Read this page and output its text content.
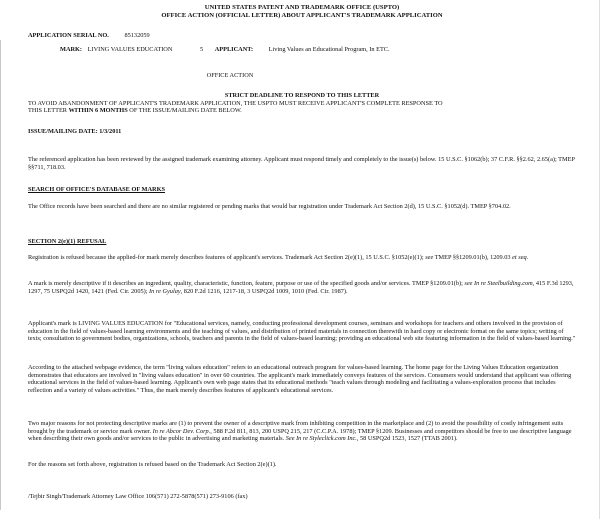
UNITED STATES PATENT AND TRADEMARK OFFICE (USPTO)
OFFICE ACTION (OFFICIAL LETTER) ABOUT APPLICANT'S TRADEMARK APPLICATION
APPLICATION SERIAL NO. 85132059
MARK: LIVING VALUES EDUCATION	5 APPLICANT: Living Values an Educational Program, In ETC.
OFFICE ACTION
STRICT DEADLINE TO RESPOND TO THIS LETTER
TO AVOID ABANDONMENT OF APPLICANT'S TRADEMARK APPLICATION, THE USPTO MUST RECEIVE APPLICANT'S COMPLETE RESPONSE TO
THIS LETTER WITHIN 6 MONTHS OF THE ISSUE/MAILING DATE BELOW.
ISSUE/MAILING DATE: 1/3/2011

The referenced application has been reviewed by the assigned trademark examining attorney. Applicant must respond timely and completely to the issue(s) below. 15 U.S.C. §1062(b); 37 C.F.R. §§2.62, 2.65(a); TMEP §§711, 718.03.

SEARCH OF OFFICE'S DATABASE OF MARKS

The Office records have been searched and there are no similar registered or pending marks that would bar registration under Trademark Act Section 2(d), 15 U.S.C. §1052(d). TMEP §704.02.

SECTION 2(e)(1) REFUSAL

Registration is refused because the applied-for mark merely describes features of applicant's services. Trademark Act Section 2(e)(1), 15 U.S.C. §1052(e)(1); see TMEP §§1209.01(b), 1209.03 et seq.

A mark is merely descriptive if it describes an ingredient, quality, characteristic, function, feature, purpose or use of the specified goods and/or services. TMEP §1209.01(b); see In re Steelbuilding.com, 415 F.3d 1293, 1297, 75 USPQ2d 1420, 1421 (Fed. Cir. 2005); In re Gyulay, 820 F.2d 1216, 1217-18, 3 USPQ2d 1009, 1010 (Fed. Cir. 1987).

Applicant's mark is LIVING VALUES EDUCATION for "Educational services, namely, conducting professional development courses, seminars and workshops for teachers and others involved in the provision of education in the field of values-based learning environments and the teaching of values, and distribution of printed materials in connection therewith in hard copy or electronic format on the same topics; writing of texts; consultation to government bodies, organizations, schools, teachers and parents in the field of values-based learning; providing an educational web site featuring information in the field of values-based learning."

According to the attached webpage evidence, the term "living values education" refers to an educational outreach program for values-based learning. The home page for the Living Values Education organization demonstrates that educators are involved in "living values education" in over 60 countries. The applicant's mark immediately conveys features of the services. Consumers would understand that applicant was offering educational services in the field of values-based learning. Applicant's own web page states that its educational methods "teach values through modeling and facilitating a values-exploration process that includes reflection and a variety of values activities." Thus, the mark merely describes features of applicant's educational services.

Two major reasons for not protecting descriptive marks are (1) to prevent the owner of a descriptive mark from inhibiting competition in the marketplace and (2) to avoid the possibility of costly infringement suits brought by the trademark or service mark owner. In re Abcor Dev. Corp., 588 F.2d 811, 813, 200 USPQ 215, 217 (C.C.P.A. 1978); TMEP §1209. Businesses and competitors should be free to use descriptive language when describing their own goods and/or services to the public in advertising and marketing materials. See In re Styleclick.com Inc., 58 USPQ2d 1523, 1527 (TTAB 2001).

For the reasons set forth above, registration is refused based on the Trademark Act Section 2(e)(1).

/Tejbir Singh/Trademark Attorney Law Office 106(571) 272-5878(571) 273-9106 (fax)
